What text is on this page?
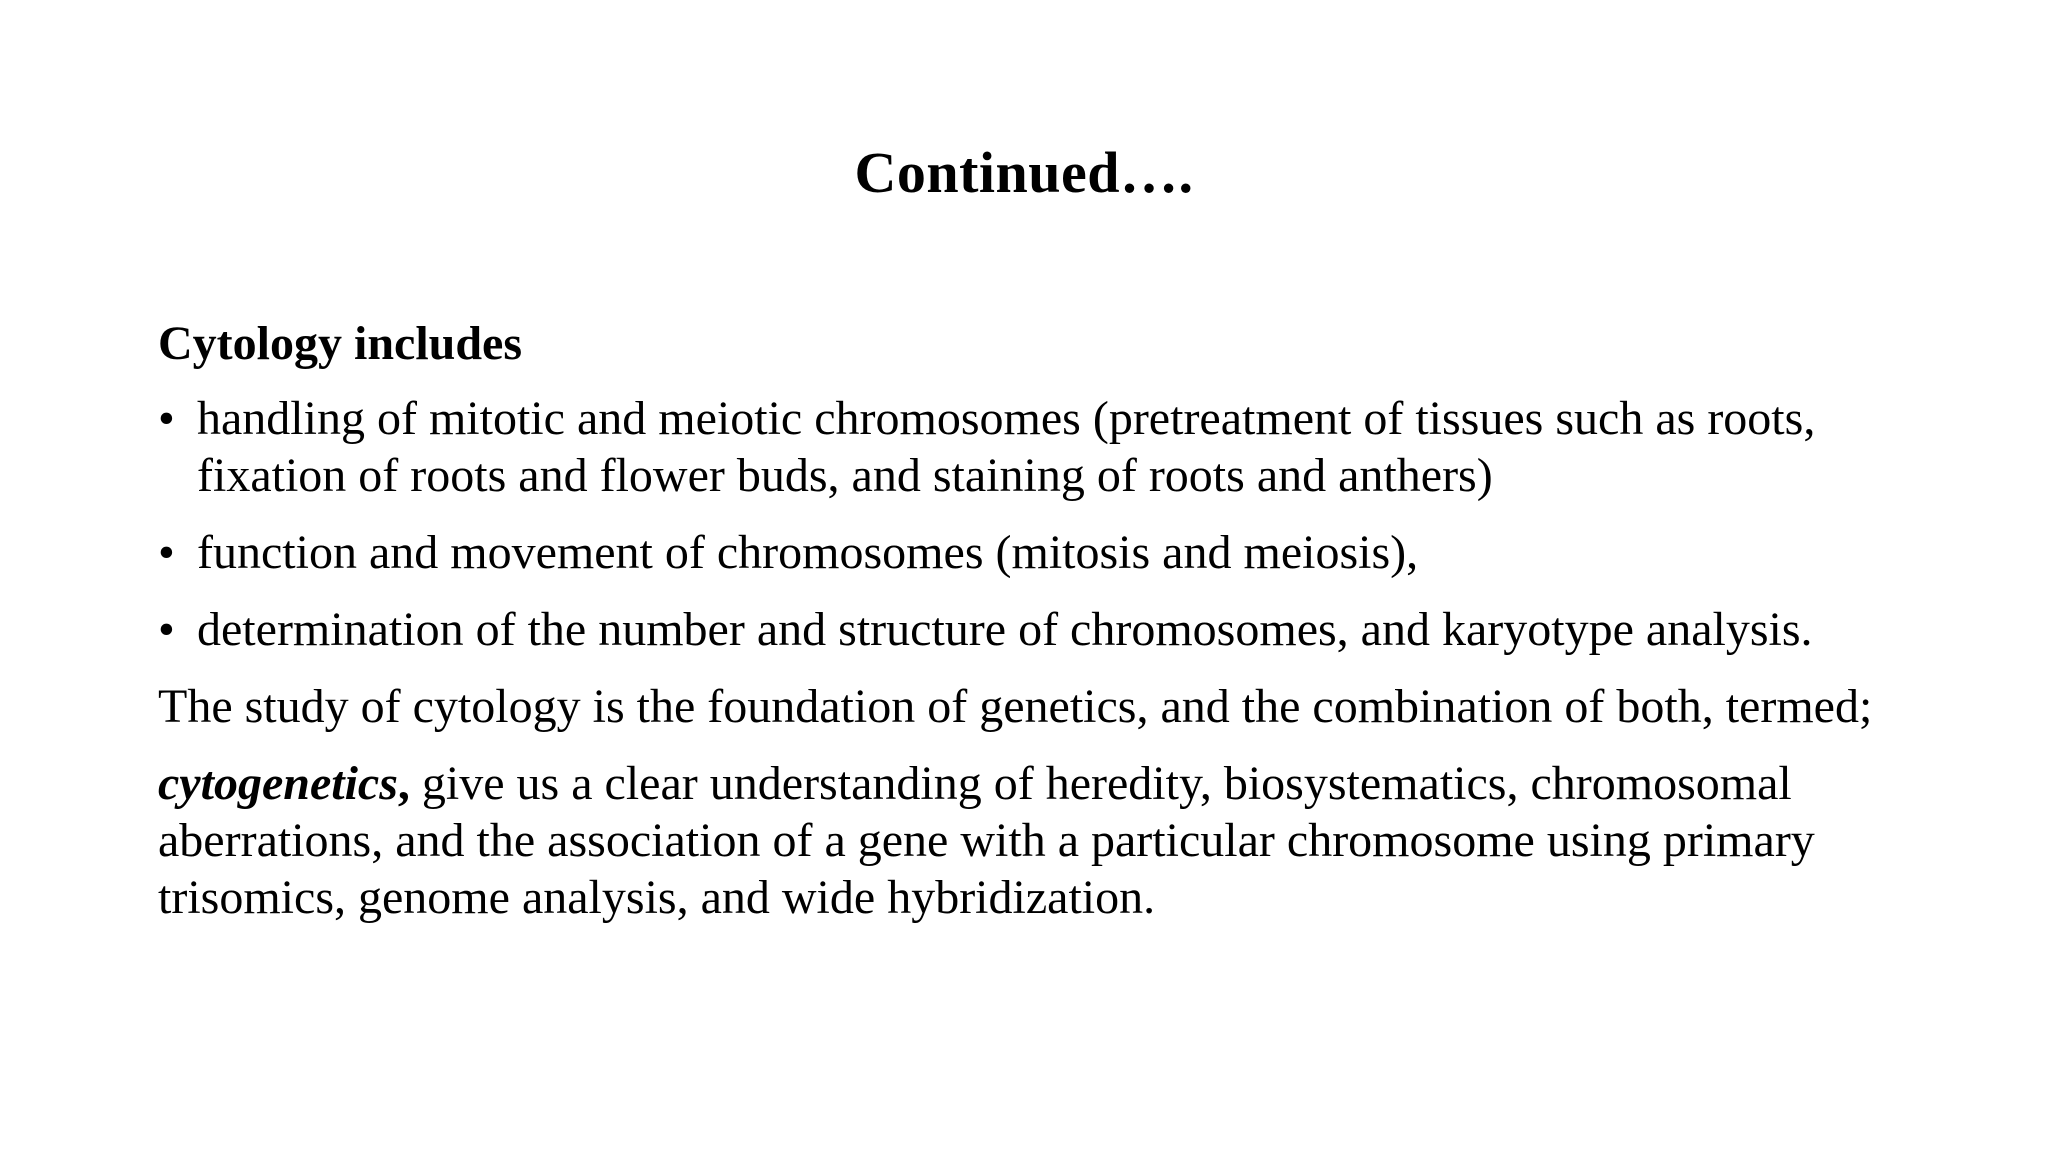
Continued….
Cytology includes
• handling of mitotic and meiotic chromosomes (pretreatment of tissues such as roots, fixation of roots and flower buds, and staining of roots and anthers)
• function and movement of chromosomes (mitosis and meiosis),
• determination of the number and structure of chromosomes, and karyotype analysis.
The study of cytology is the foundation of genetics, and the combination of both, termed;
cytogenetics, give us a clear understanding of heredity, biosystematics, chromosomal aberrations, and the association of a gene with a particular chromosome using primary trisomics, genome analysis, and wide hybridization.
